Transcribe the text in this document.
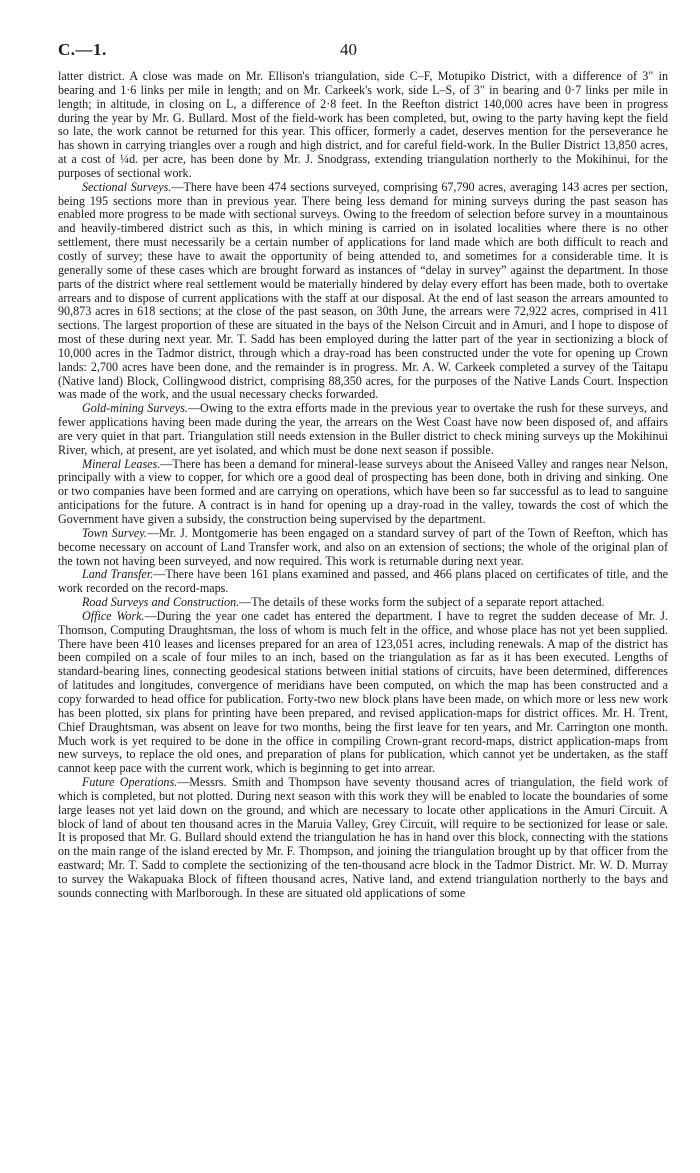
C.—1.	40

latter district. A close was made on Mr. Ellison's triangulation, side C–F, Motupiko District, with a difference of 3" in bearing and 1·6 links per mile in length; and on Mr. Carkeek's work, side L–S, of 3" in bearing and 0·7 links per mile in length; in altitude, in closing on L, a difference of 2·8 feet. In the Reefton district 140,000 acres have been in progress during the year by Mr. G. Bullard. Most of the field-work has been completed, but, owing to the party having kept the field so late, the work cannot be returned for this year. This officer, formerly a cadet, deserves mention for the perseverance he has shown in carrying triangles over a rough and high district, and for careful field-work. In the Buller District 13,850 acres, at a cost of ¼d. per acre, has been done by Mr. J. Snodgrass, extending triangulation northerly to the Mokihinui, for the purposes of sectional work.

Sectional Surveys.—There have been 474 sections surveyed, comprising 67,790 acres, averaging 143 acres per section, being 195 sections more than in previous year. There being less demand for mining surveys during the past season has enabled more progress to be made with sectional surveys. Owing to the freedom of selection before survey in a mountainous and heavily-timbered district such as this, in which mining is carried on in isolated localities where there is no other settlement, there must necessarily be a certain number of applications for land made which are both difficult to reach and costly of survey; these have to await the opportunity of being attended to, and sometimes for a considerable time. It is generally some of these cases which are brought forward as instances of “delay in survey” against the department. In those parts of the district where real settlement would be materially hindered by delay every effort has been made, both to overtake arrears and to dispose of current applications with the staff at our disposal. At the end of last season the arrears amounted to 90,873 acres in 618 sections; at the close of the past season, on 30th June, the arrears were 72,922 acres, comprised in 411 sections. The largest proportion of these are situated in the bays of the Nelson Circuit and in Amuri, and I hope to dispose of most of these during next year. Mr. T. Sadd has been employed during the latter part of the year in sectionizing a block of 10,000 acres in the Tadmor district, through which a dray-road has been constructed under the vote for opening up Crown lands: 2,700 acres have been done, and the remainder is in progress. Mr. A. W. Carkeek completed a survey of the Taitapu (Native land) Block, Collingwood district, comprising 88,350 acres, for the purposes of the Native Lands Court. Inspection was made of the work, and the usual necessary checks forwarded.

Gold-mining Surveys.—Owing to the extra efforts made in the previous year to overtake the rush for these surveys, and fewer applications having been made during the year, the arrears on the West Coast have now been disposed of, and affairs are very quiet in that part. Triangulation still needs extension in the Buller district to check mining surveys up the Mokihinui River, which, at present, are yet isolated, and which must be done next season if possible.

Mineral Leases.—There has been a demand for mineral-lease surveys about the Aniseed Valley and ranges near Nelson, principally with a view to copper, for which ore a good deal of prospecting has been done, both in driving and sinking. One or two companies have been formed and are carrying on operations, which have been so far successful as to lead to sanguine anticipations for the future. A contract is in hand for opening up a dray-road in the valley, towards the cost of which the Government have given a subsidy, the construction being supervised by the department.

Town Survey.—Mr. J. Montgomerie has been engaged on a standard survey of part of the Town of Reefton, which has become necessary on account of Land Transfer work, and also on an extension of sections; the whole of the original plan of the town not having been surveyed, and now required. This work is returnable during next year.

Land Transfer.—There have been 161 plans examined and passed, and 466 plans placed on certificates of title, and the work recorded on the record-maps.

Road Surveys and Construction.—The details of these works form the subject of a separate report attached.

Office Work.—During the year one cadet has entered the department. I have to regret the sudden decease of Mr. J. Thomson, Computing Draughtsman, the loss of whom is much felt in the office, and whose place has not yet been supplied. There have been 410 leases and licenses prepared for an area of 123,051 acres, including renewals. A map of the district has been compiled on a scale of four miles to an inch, based on the triangulation as far as it has been executed. Lengths of standard-bearing lines, connecting geodesical stations between initial stations of circuits, have been determined, differences of latitudes and longitudes, convergence of meridians have been computed, on which the map has been constructed and a copy forwarded to head office for publication. Forty-two new block plans have been made, on which more or less new work has been plotted, six plans for printing have been prepared, and revised application-maps for district offices. Mr. H. Trent, Chief Draughtsman, was absent on leave for two months, being the first leave for ten years, and Mr. Carrington one month. Much work is yet required to be done in the office in compiling Crown-grant record-maps, district application-maps from new surveys, to replace the old ones, and preparation of plans for publication, which cannot yet be undertaken, as the staff cannot keep pace with the current work, which is beginning to get into arrear.

Future Operations.—Messrs. Smith and Thompson have seventy thousand acres of triangulation, the field work of which is completed, but not plotted. During next season with this work they will be enabled to locate the boundaries of some large leases not yet laid down on the ground, and which are necessary to locate other applications in the Amuri Circuit. A block of land of about ten thousand acres in the Maruia Valley, Grey Circuit, will require to be sectionized for lease or sale. It is proposed that Mr. G. Bullard should extend the triangulation he has in hand over this block, connecting with the stations on the main range of the island erected by Mr. F. Thompson, and joining the triangulation brought up by that officer from the eastward; Mr. T. Sadd to complete the sectionizing of the ten-thousand acre block in the Tadmor District. Mr. W. D. Murray to survey the Wakapuaka Block of fifteen thousand acres, Native land, and extend triangulation northerly to the bays and sounds connecting with Marlborough. In these are situated old applications of some
